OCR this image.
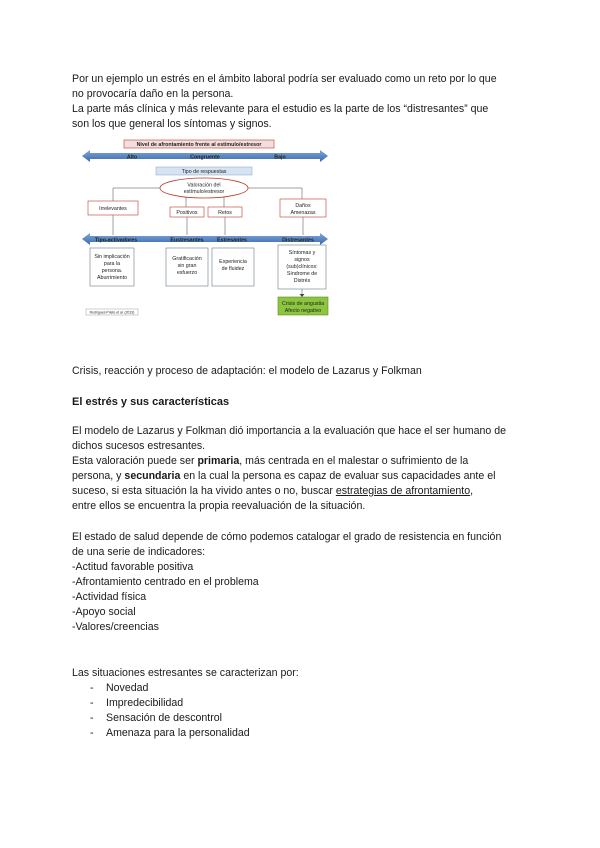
Por un ejemplo un estrés en el ámbito laboral podría ser evaluado como un reto por lo que

no provocaría daño en la persona.

La parte más clínica y más relevante para el estudio es la parte de los “distresantes” que

son los que general los síntomas y signos.

Nivel de afrontamiento frente al estímulo/estresor
Alto	Congruente	Bajo
Tipo de respuestas
Valoración del
estímulo/estresor
Irrelevantes
Positivos	Retos
Daños
Amenazas
Tipo-activadores	Eustresantes	Estresantes	Distresantes
Sin implicación
para la
persona.
Aburrimiento
Gratificación
sin gran
esfuerzo
Experiencia
de fluidez
Síntomas y
signos
(sub)clínicos:
Síndrome de
Distrés
Crisis de angustia
Afecto negativo
Rodríguez-Prieto et al. (2013)

Crisis, reacción y proceso de adaptación: el modelo de Lazarus y Folkman

El estrés y sus características

El modelo de Lazarus y Folkman dió importancia a la evaluación que hace el ser humano de

dichos sucesos estresantes.

Esta valoración puede ser primaria, más centrada en el malestar o sufrimiento de la

persona, y secundaria en la cual la persona es capaz de evaluar sus capacidades ante el

suceso, si esta situación la ha vivido antes o no, buscar estrategias de afrontamiento,

entre ellos se encuentra la propia reevaluación de la situación.

El estado de salud depende de cómo podemos catalogar el grado de resistencia en función

de una serie de indicadores:

-Actitud favorable positiva

-Afrontamiento centrado en el problema

-Actividad física

-Apoyo social

-Valores/creencias

Las situaciones estresantes se caracterizan por:

- Novedad
- Impredecibilidad
- Sensación de descontrol
- Amenaza para la personalidad
